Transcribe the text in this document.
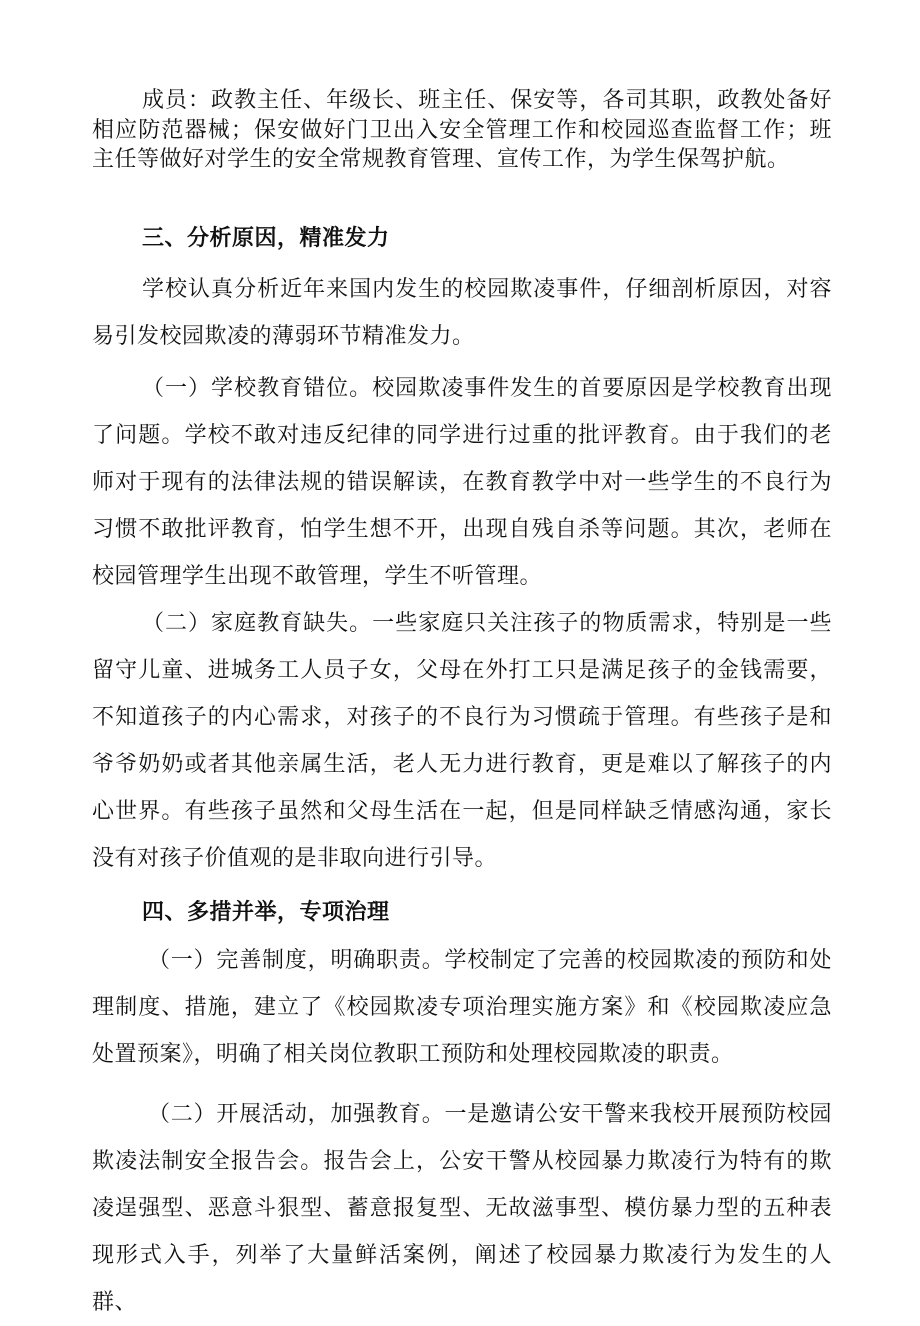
成员：政教主任、年级长、班主任、保安等，各司其职，政教处备好相应防范器械；保安做好门卫出入安全管理工作和校园巡查监督工作；班主任等做好对学生的安全常规教育管理、宣传工作，为学生保驾护航。

三、分析原因，精准发力

学校认真分析近年来国内发生的校园欺凌事件，仔细剖析原因，对容易引发校园欺凌的薄弱环节精准发力。

（一）学校教育错位。校园欺凌事件发生的首要原因是学校教育出现了问题。学校不敢对违反纪律的同学进行过重的批评教育。由于我们的老师对于现有的法律法规的错误解读，在教育教学中对一些学生的不良行为习惯不敢批评教育，怕学生想不开，出现自残自杀等问题。其次，老师在校园管理学生出现不敢管理，学生不听管理。

（二）家庭教育缺失。一些家庭只关注孩子的物质需求，特别是一些留守儿童、进城务工人员子女，父母在外打工只是满足孩子的金钱需要，不知道孩子的内心需求，对孩子的不良行为习惯疏于管理。有些孩子是和爷爷奶奶或者其他亲属生活，老人无力进行教育，更是难以了解孩子的内心世界。有些孩子虽然和父母生活在一起，但是同样缺乏情感沟通，家长没有对孩子价值观的是非取向进行引导。

四、多措并举，专项治理

（一）完善制度，明确职责。学校制定了完善的校园欺凌的预防和处理制度、措施，建立了《校园欺凌专项治理实施方案》和《校园欺凌应急处置预案》，明确了相关岗位教职工预防和处理校园欺凌的职责。

（二）开展活动，加强教育。一是邀请公安干警来我校开展预防校园欺凌法制安全报告会。报告会上，公安干警从校园暴力欺凌行为特有的欺凌逞强型、恶意斗狠型、蓄意报复型、无故滋事型、模仿暴力型的五种表现形式入手，列举了大量鲜活案例，阐述了校园暴力欺凌行为发生的人群、
